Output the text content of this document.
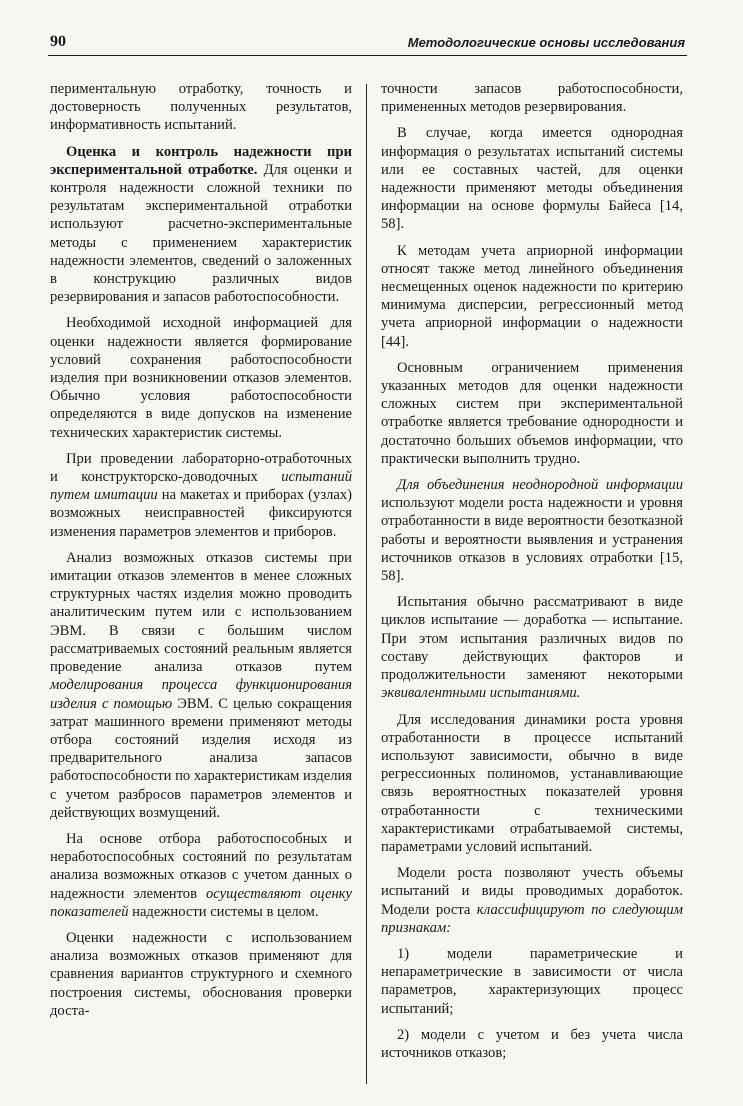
90	Методологические основы исследования

периментальную отработку, точность и достоверность полученных результатов, информативность испытаний.

Оценка и контроль надежности при экспериментальной отработке. Для оценки и контроля надежности сложной техники по результатам экспериментальной отработки используют расчетно-экспериментальные методы с применением характеристик надежности элементов, сведений о заложенных в конструкцию различных видов резервирования и запасов работоспособности.

Необходимой исходной информацией для оценки надежности является формирование условий сохранения работоспособности изделия при возникновении отказов элементов. Обычно условия работоспособности определяются в виде допусков на изменение технических характеристик системы.

При проведении лабораторно-отработочных и конструкторско-доводочных испытаний путем имитации на макетах и приборах (узлах) возможных неисправностей фиксируются изменения параметров элементов и приборов.

Анализ возможных отказов системы при имитации отказов элементов в менее сложных структурных частях изделия можно проводить аналитическим путем или с использованием ЭВМ. В связи с большим числом рассматриваемых состояний реальным является проведение анализа отказов путем моделирования процесса функционирования изделия с помощью ЭВМ. С целью сокращения затрат машинного времени применяют методы отбора состояний изделия исходя из предварительного анализа запасов работоспособности по характеристикам изделия с учетом разбросов параметров элементов и действующих возмущений.

На основе отбора работоспособных и неработоспособных состояний по результатам анализа возможных отказов с учетом данных о надежности элементов осуществляют оценку показателей надежности системы в целом.

Оценки надежности с использованием анализа возможных отказов применяют для сравнения вариантов структурного и схемного построения системы, обоснования проверки доста-

точности запасов работоспособности, примененных методов резервирования.

В случае, когда имеется однородная информация о результатах испытаний системы или ее составных частей, для оценки надежности применяют методы объединения информации на основе формулы Байеса [14, 58].

К методам учета априорной информации относят также метод линейного объединения несмещенных оценок надежности по критерию минимума дисперсии, регрессионный метод учета априорной информации о надежности [44].

Основным ограничением применения указанных методов для оценки надежности сложных систем при экспериментальной отработке является требование однородности и достаточно больших объемов информации, что практически выполнить трудно.

Для объединения неоднородной информации используют модели роста надежности и уровня отработанности в виде вероятности безотказной работы и вероятности выявления и устранения источников отказов в условиях отработки [15, 58].

Испытания обычно рассматривают в виде циклов испытание — доработка — испытание. При этом испытания различных видов по составу действующих факторов и продолжительности заменяют некоторыми эквивалентными испытаниями.

Для исследования динамики роста уровня отработанности в процессе испытаний используют зависимости, обычно в виде регрессионных полиномов, устанавливающие связь вероятностных показателей уровня отработанности с техническими характеристиками отрабатываемой системы, параметрами условий испытаний.

Модели роста позволяют учесть объемы испытаний и виды проводимых доработок. Модели роста классифицируют по следующим признакам:

1) модели параметрические и непараметрические в зависимости от числа параметров, характеризующих процесс испытаний;

2) модели с учетом и без учета числа источников отказов;
